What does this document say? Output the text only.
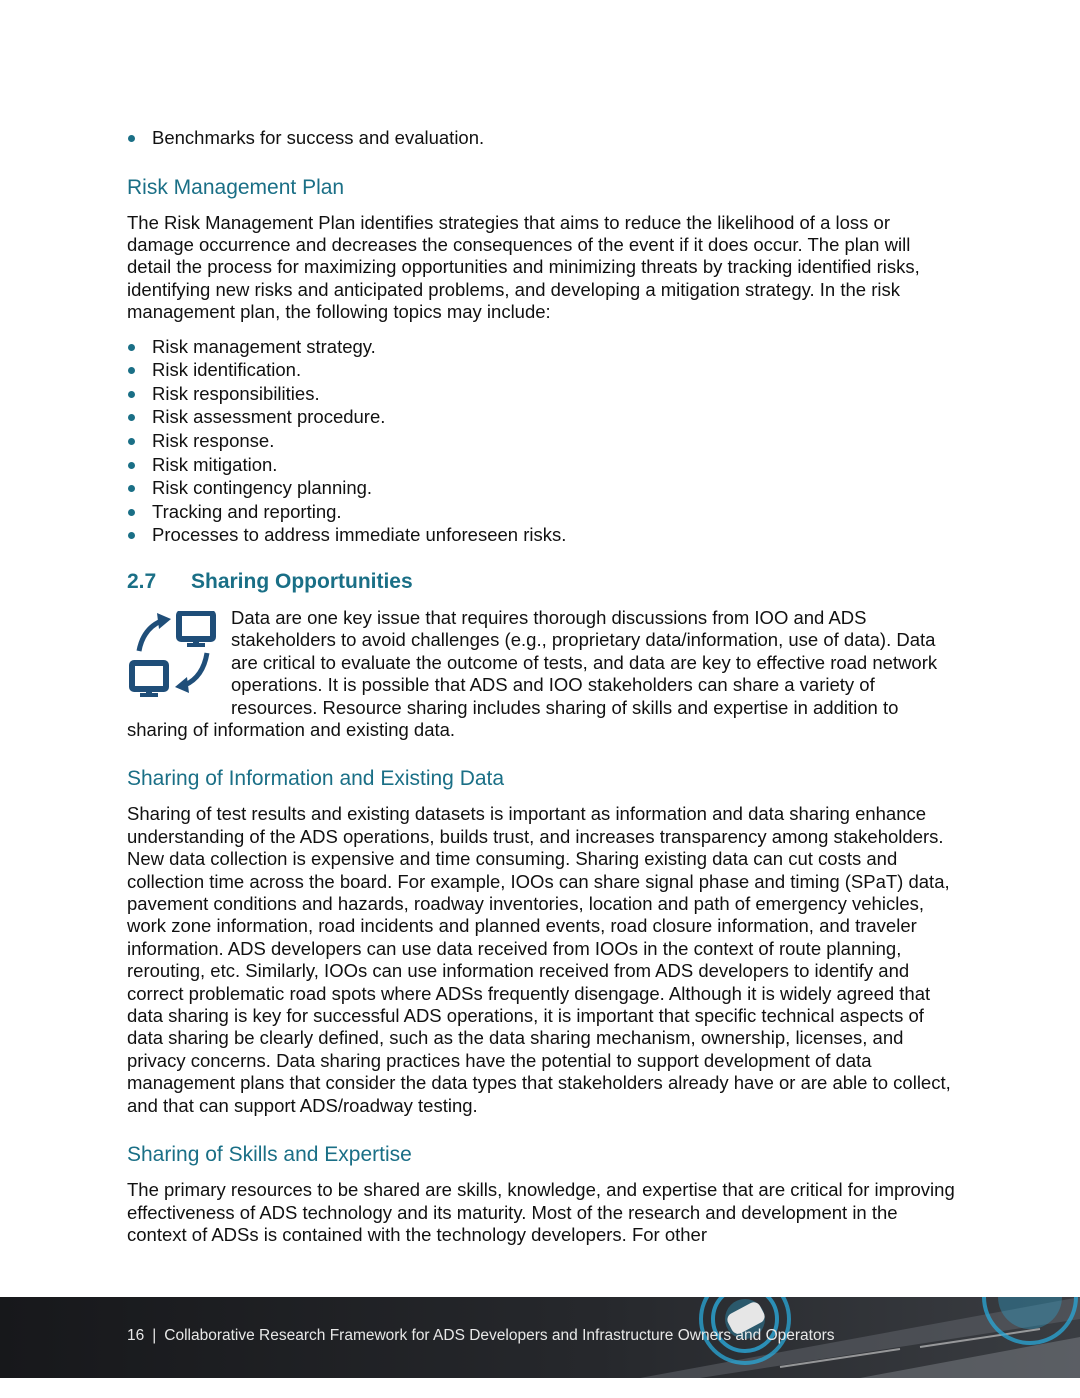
Benchmarks for success and evaluation.
Risk Management Plan

The Risk Management Plan identifies strategies that aims to reduce the likelihood of a loss or damage occurrence and decreases the consequences of the event if it does occur. The plan will detail the process for maximizing opportunities and minimizing threats by tracking identified risks, identifying new risks and anticipated problems, and developing a mitigation strategy. In the risk management plan, the following topics may include:

Risk management strategy.
Risk identification.
Risk responsibilities.
Risk assessment procedure.
Risk response.
Risk mitigation.
Risk contingency planning.
Tracking and reporting.
Processes to address immediate unforeseen risks.
2.7	Sharing Opportunities

Data are one key issue that requires thorough discussions from IOO and ADS stakeholders to avoid challenges (e.g., proprietary data/information, use of data). Data are critical to evaluate the outcome of tests, and data are key to effective road network operations. It is possible that ADS and IOO stakeholders can share a variety of resources. Resource sharing includes sharing of skills and expertise in addition to sharing of information and existing data.

Sharing of Information and Existing Data

Sharing of test results and existing datasets is important as information and data sharing enhance understanding of the ADS operations, builds trust, and increases transparency among stakeholders. New data collection is expensive and time consuming. Sharing existing data can cut costs and collection time across the board. For example, IOOs can share signal phase and timing (SPaT) data, pavement conditions and hazards, roadway inventories, location and path of emergency vehicles, work zone information, road incidents and planned events, road closure information, and traveler information. ADS developers can use data received from IOOs in the context of route planning, rerouting, etc. Similarly, IOOs can use information received from ADS developers to identify and correct problematic road spots where ADSs frequently disengage. Although it is widely agreed that data sharing is key for successful ADS operations, it is important that specific technical aspects of data sharing be clearly defined, such as the data sharing mechanism, ownership, licenses, and privacy concerns. Data sharing practices have the potential to support development of data management plans that consider the data types that stakeholders already have or are able to collect, and that can support ADS/roadway testing.

Sharing of Skills and Expertise

The primary resources to be shared are skills, knowledge, and expertise that are critical for improving effectiveness of ADS technology and its maturity. Most of the research and development in the context of ADSs is contained with the technology developers. For other

16 | Collaborative Research Framework for ADS Developers and Infrastructure Owners and Operators
